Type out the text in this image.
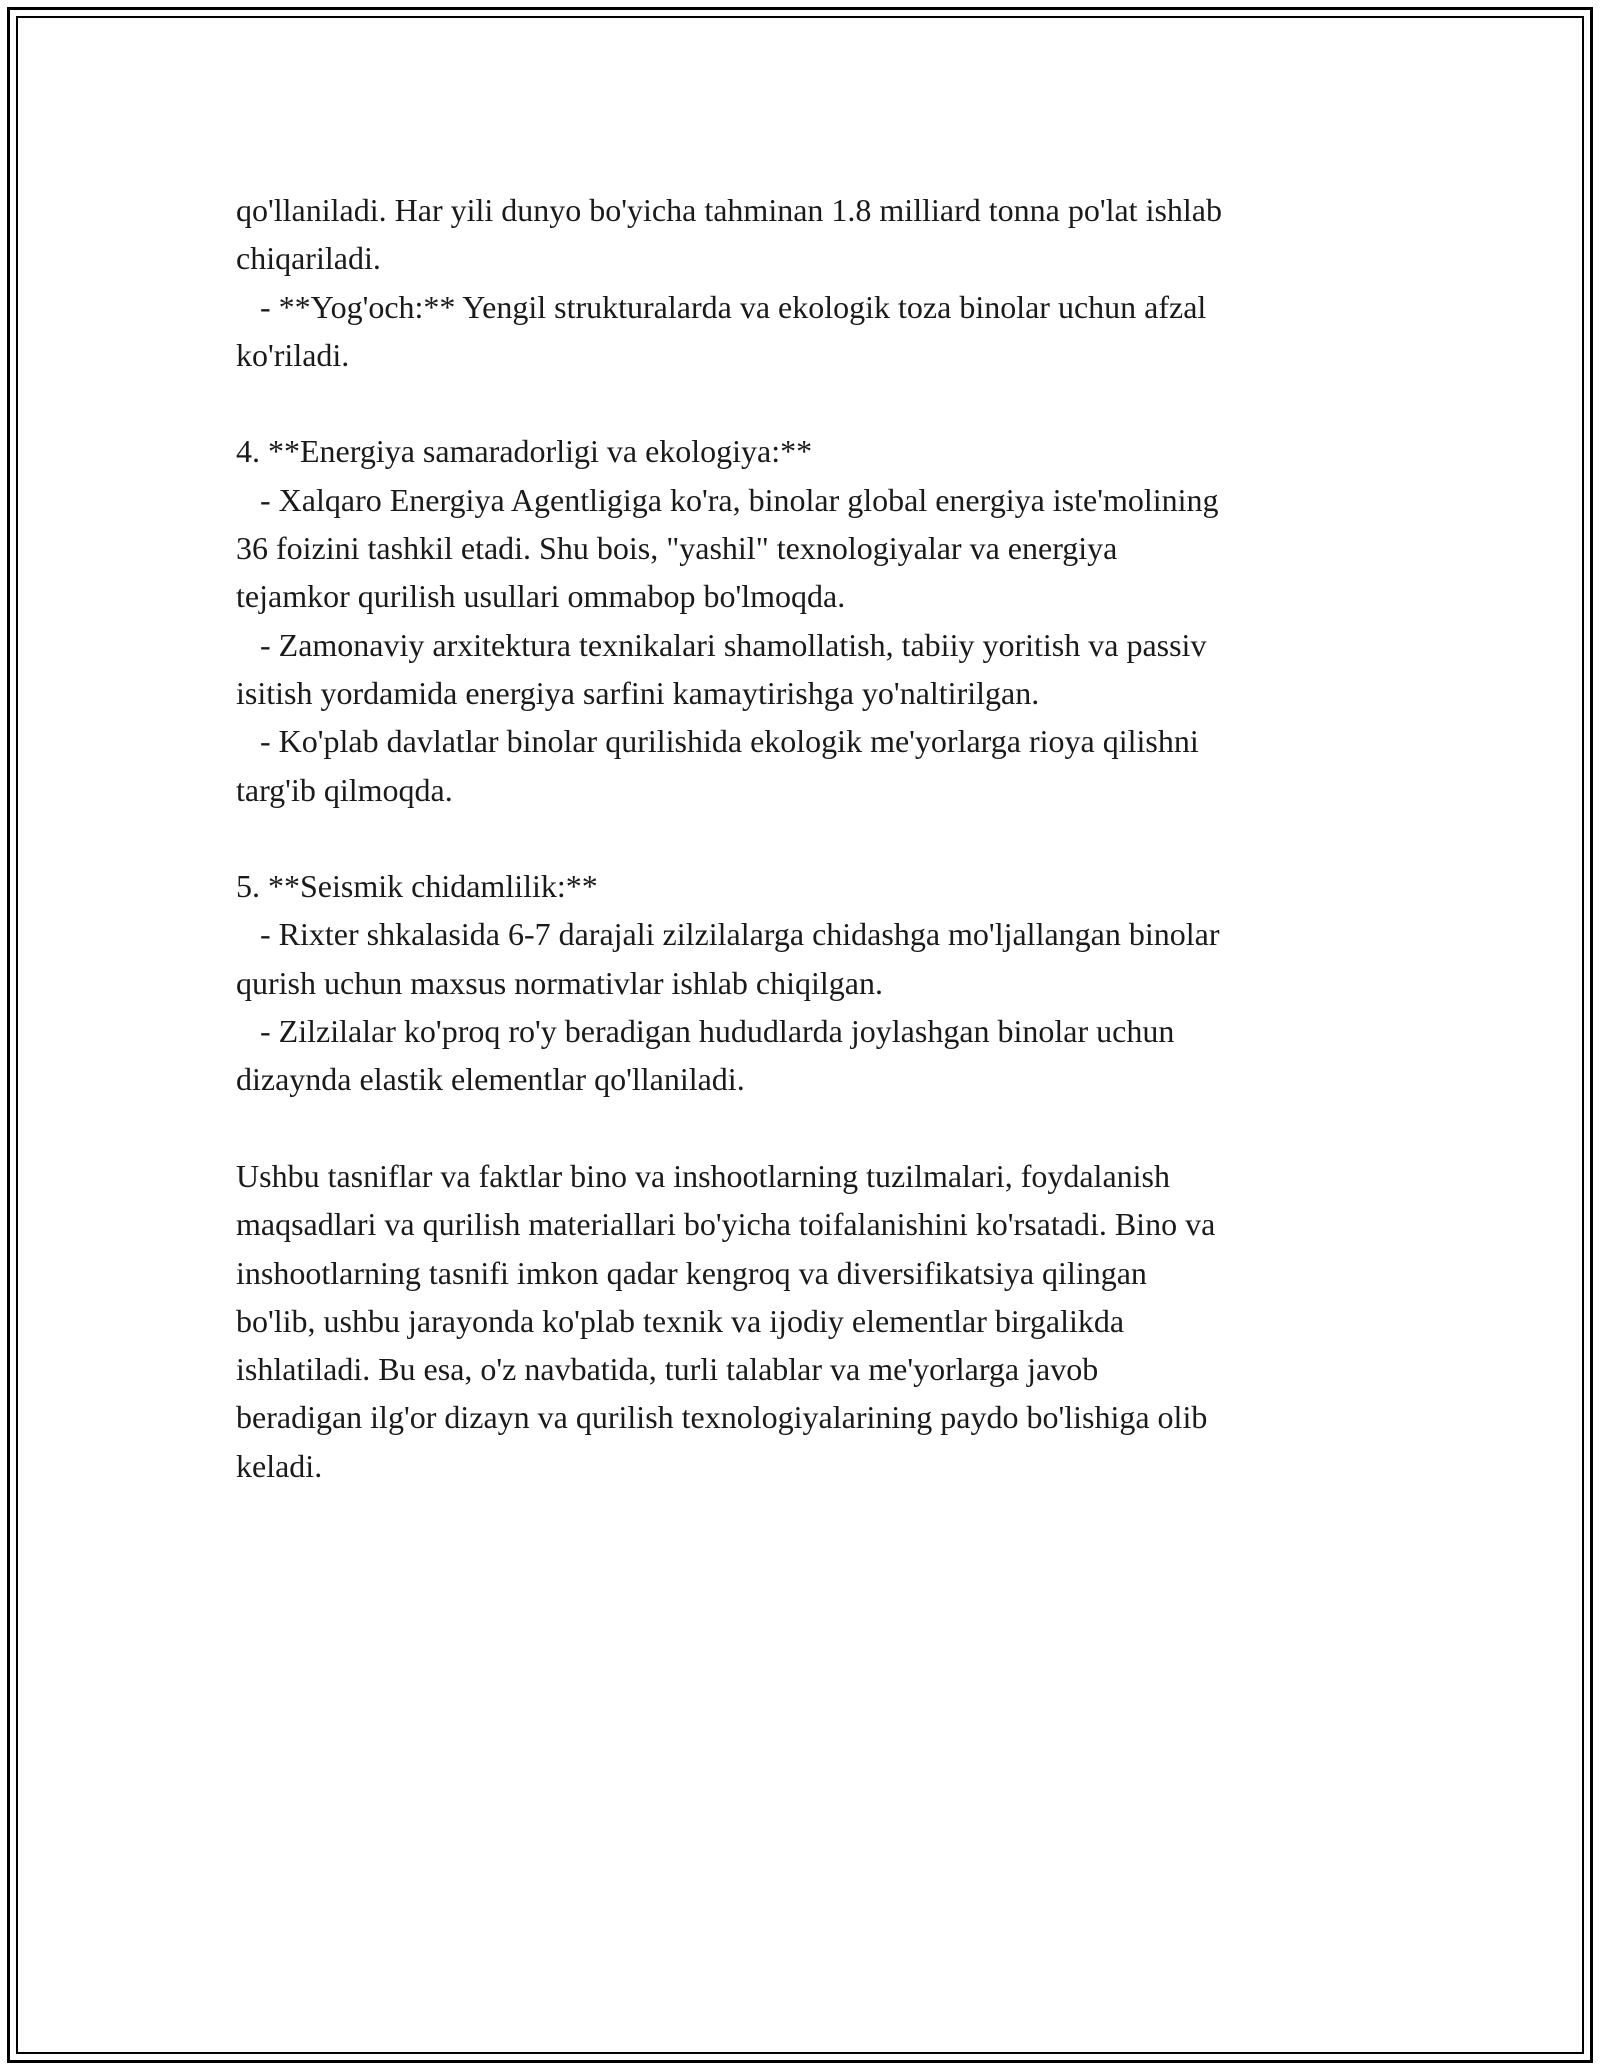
qo'llaniladi. Har yili dunyo bo'yicha tahminan 1.8 milliard tonna po'lat ishlab
chiqariladi.
- **Yog'och:** Yengil strukturalarda va ekologik toza binolar uchun afzal
ko'riladi.
4. **Energiya samaradorligi va ekologiya:**
- Xalqaro Energiya Agentligiga ko'ra, binolar global energiya iste'molining
36 foizini tashkil etadi. Shu bois, "yashil" texnologiyalar va energiya
tejamkor qurilish usullari ommabop bo'lmoqda.
- Zamonaviy arxitektura texnikalari shamollatish, tabiiy yoritish va passiv
isitish yordamida energiya sarfini kamaytirishga yo'naltirilgan.
- Ko'plab davlatlar binolar qurilishida ekologik me'yorlarga rioya qilishni
targ'ib qilmoqda.
5. **Seismik chidamlilik:**
- Rixter shkalasida 6-7 darajali zilzilalarga chidashga mo'ljallangan binolar
qurish uchun maxsus normativlar ishlab chiqilgan.
- Zilzilalar ko'proq ro'y beradigan hududlarda joylashgan binolar uchun
dizaynda elastik elementlar qo'llaniladi.
Ushbu tasniflar va faktlar bino va inshootlarning tuzilmalari, foydalanish
maqsadlari va qurilish materiallari bo'yicha toifalanishini ko'rsatadi. Bino va
inshootlarning tasnifi imkon qadar kengroq va diversifikatsiya qilingan
bo'lib, ushbu jarayonda ko'plab texnik va ijodiy elementlar birgalikda
ishlatiladi. Bu esa, o'z navbatida, turli talablar va me'yorlarga javob
beradigan ilg'or dizayn va qurilish texnologiyalarining paydo bo'lishiga olib
keladi.
